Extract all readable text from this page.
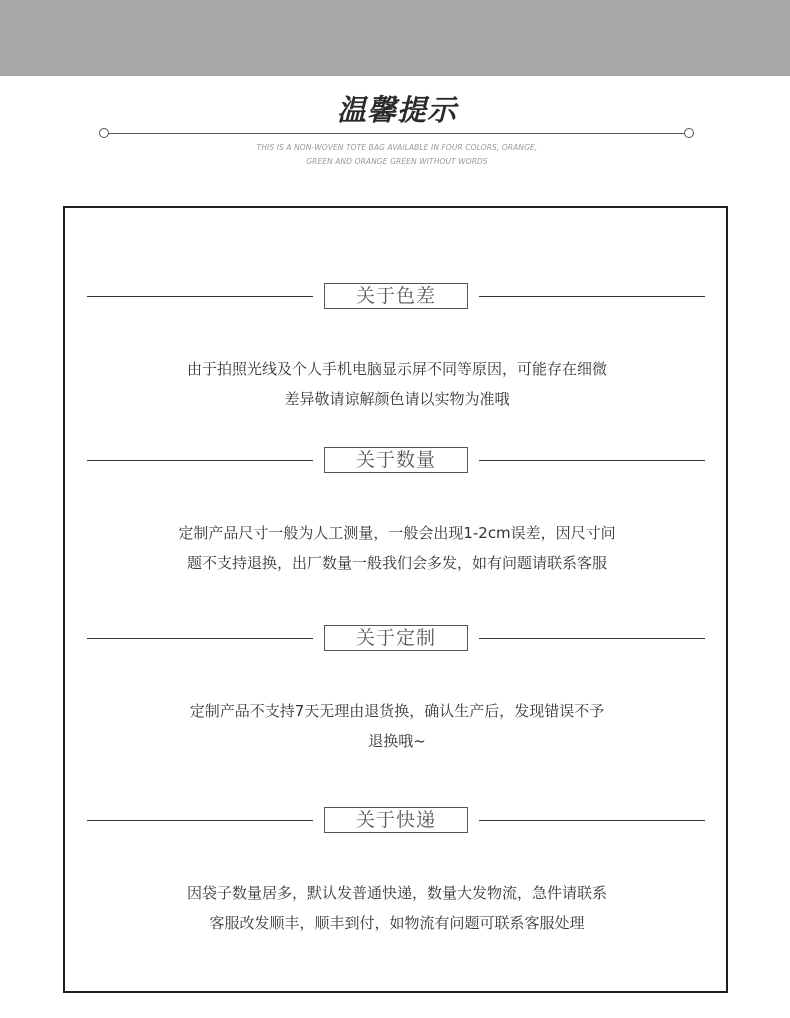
温馨提示
THIS IS A NON-WOVEN TOTE BAG AVAILABLE IN FOUR COLORS, ORANGE,
GREEN AND ORANGE GREEN WITHOUT WORDS
关于色差
由于拍照光线及个人手机电脑显示屏不同等原因，可能存在细微
差异敬请谅解颜色请以实物为准哦
关于数量
定制产品尺寸一般为人工测量，一般会出现1-2cm误差，因尺寸问
题不支持退换，出厂数量一般我们会多发，如有问题请联系客服
关于定制
定制产品不支持7天无理由退货换，确认生产后，发现错误不予
退换哦~
关于快递
因袋子数量居多，默认发普通快递，数量大发物流，急件请联系
客服改发顺丰，顺丰到付，如物流有问题可联系客服处理
